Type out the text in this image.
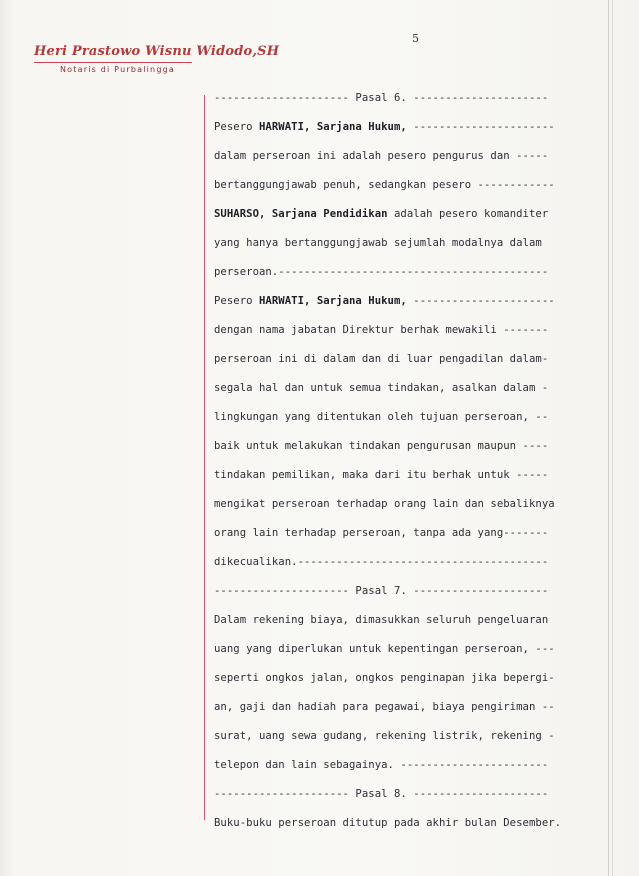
5
Heri Prastowo Wisnu Widodo,SH
Notaris di Purbalingga
--------------------- Pasal 6. ---------------------
Pesero HARWATI, Sarjana Hukum, ----------------------
dalam perseroan ini adalah pesero pengurus dan -----
bertanggungjawab penuh, sedangkan pesero ------------
SUHARSO, Sarjana Pendidikan adalah pesero komanditer
yang hanya bertanggungjawab sejumlah modalnya dalam
perseroan.------------------------------------------
Pesero HARWATI, Sarjana Hukum, ----------------------
dengan nama jabatan Direktur berhak mewakili -------
perseroan ini di dalam dan di luar pengadilan dalam-
segala hal dan untuk semua tindakan, asalkan dalam -
lingkungan yang ditentukan oleh tujuan perseroan, --
baik untuk melakukan tindakan pengurusan maupun ----
tindakan pemilikan, maka dari itu berhak untuk -----
mengikat perseroan terhadap orang lain dan sebaliknya
orang lain terhadap perseroan, tanpa ada yang-------
dikecualikan.---------------------------------------
--------------------- Pasal 7. ---------------------
Dalam rekening biaya, dimasukkan seluruh pengeluaran
uang yang diperlukan untuk kepentingan perseroan, ---
seperti ongkos jalan, ongkos penginapan jika bepergi-
an, gaji dan hadiah para pegawai, biaya pengiriman --
surat, uang sewa gudang, rekening listrik, rekening -
telepon dan lain sebagainya. -----------------------
--------------------- Pasal 8. ---------------------
Buku-buku perseroan ditutup pada akhir bulan Desember.
